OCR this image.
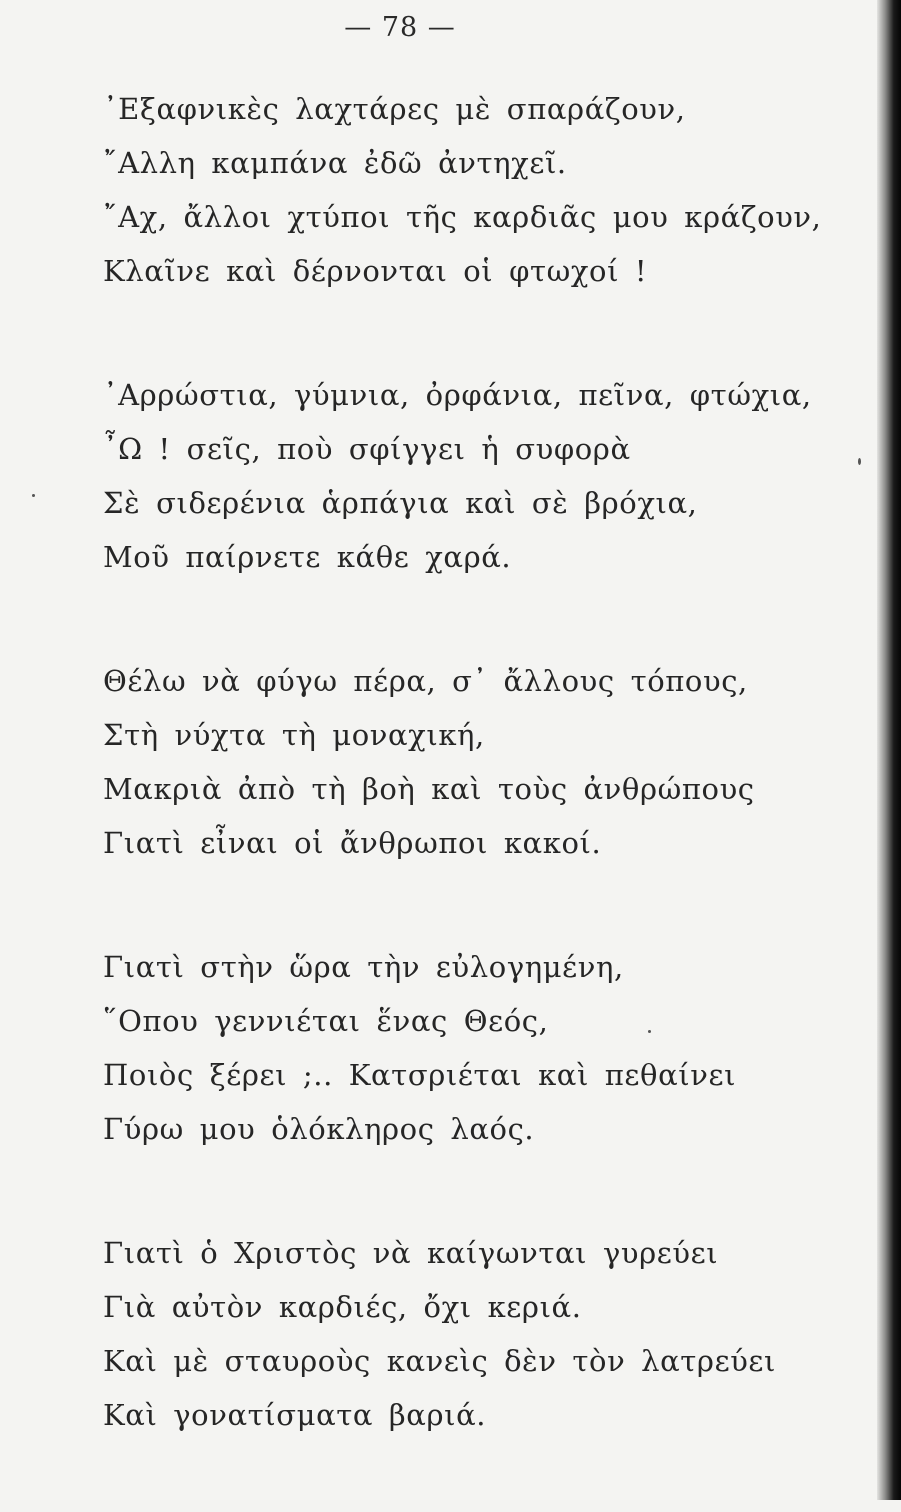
— 78 —
᾽Εξαφνικὲς λαχτάρες μὲ σπαράζουν,
῎Αλλη καμπάνα ἐδῶ ἀντηχεῖ.
῎Αχ, ἄλλοι χτύποι τῆς καρδιᾶς μου κράζουν,
Κλαῖνε καὶ δέρνονται οἱ φτωχοί !
᾽Αρρώστια, γύμνια, ὀρφάνια, πεῖνα, φτώχια,
῏Ω ! σεῖς, ποὺ σφίγγει ἡ συφορὰ
Σὲ σιδερένια ἁρπάγια καὶ σὲ βρόχια,
Μοῦ παίρνετε κάθε χαρά.
Θέλω νὰ φύγω πέρα, σ᾽ ἄλλους τόπους,
Στὴ νύχτα τὴ μοναχική,
Μακριὰ ἀπὸ τὴ βοὴ καὶ τοὺς ἀνθρώπους
Γιατὶ εἶναι οἱ ἄνθρωποι κακοί.
Γιατὶ στὴν ὥρα τὴν εὐλογημένη,
῞Οπου γεννιέται ἕνας Θεός,
Ποιὸς ξέρει ;.. Κατσριέται καὶ πεθαίνει
Γύρω μου ὁλόκληρος λαός.
Γιατὶ ὁ Χριστὸς νὰ καίγωνται γυρεύει
Γιὰ αὐτὸν καρδιές, ὄχι κεριά.
Καὶ μὲ σταυροὺς κανεὶς δὲν τὸν λατρεύει
Καὶ γονατίσματα βαριά.
